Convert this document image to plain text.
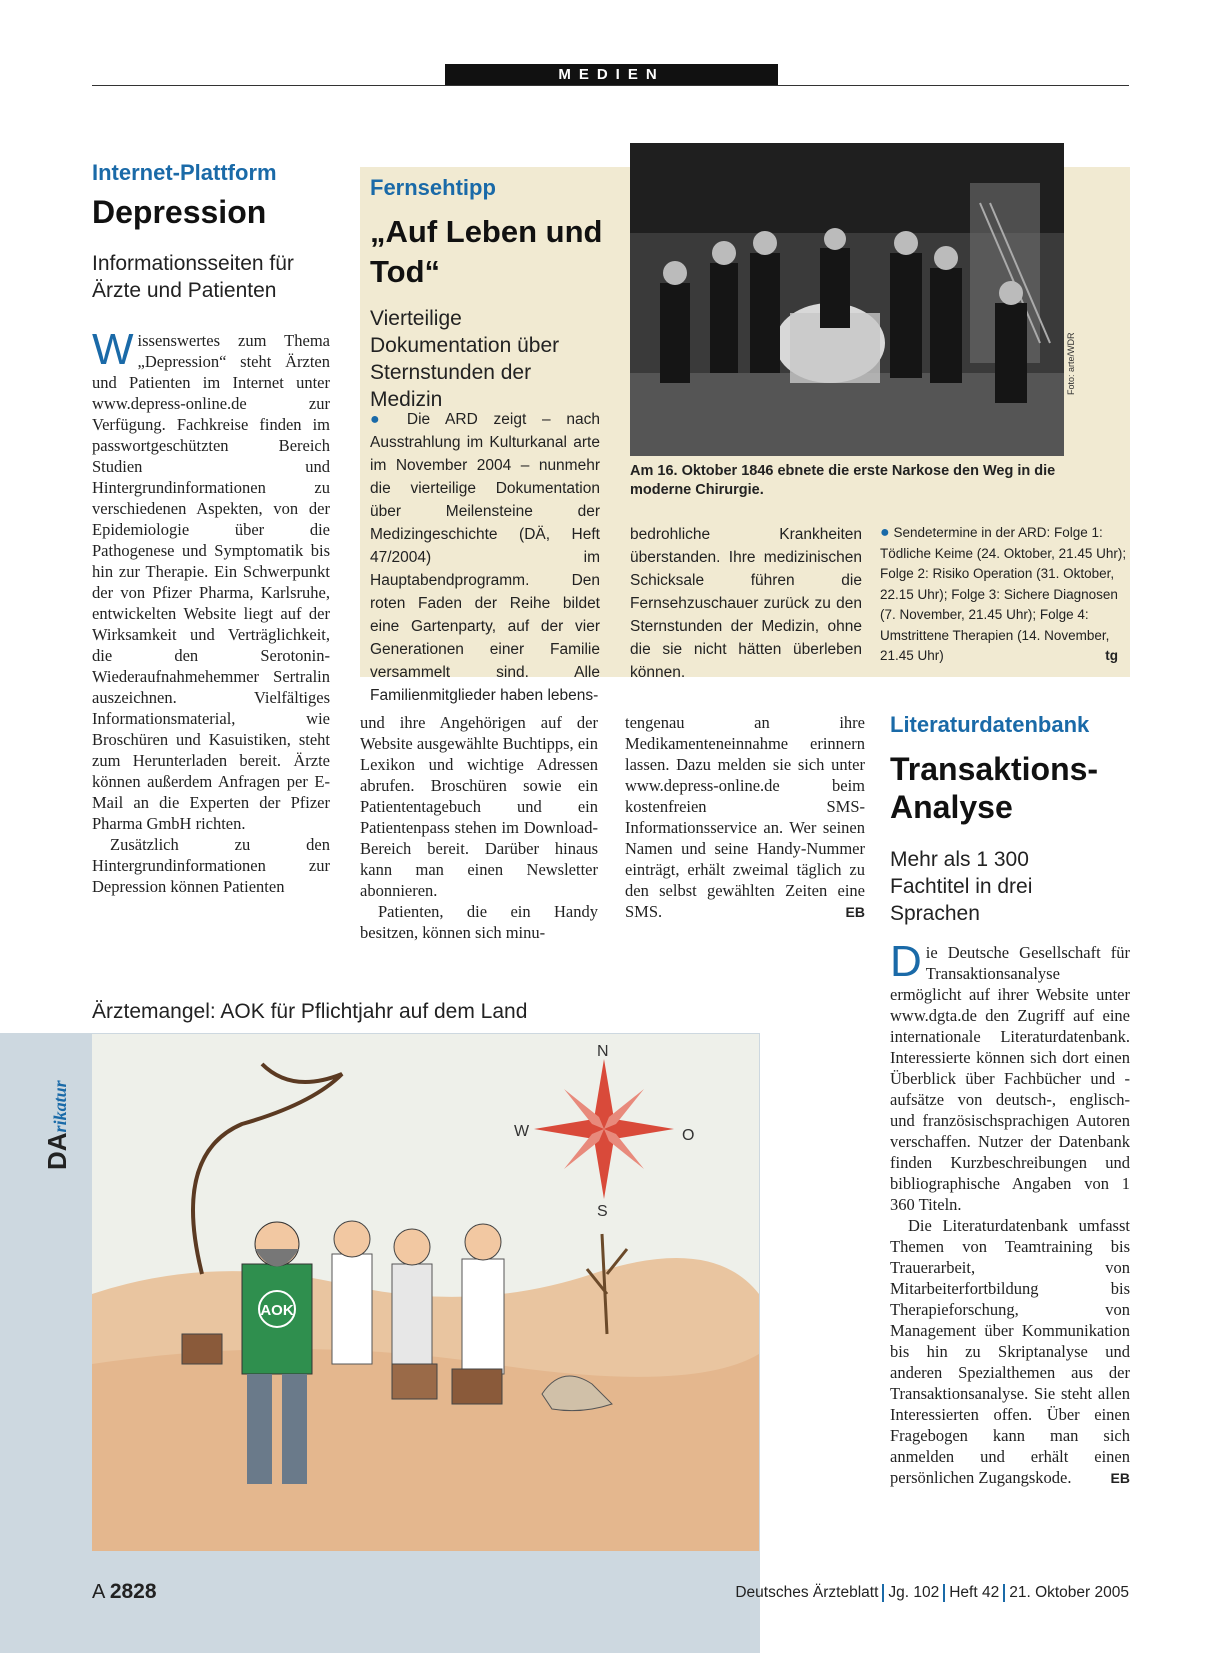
MEDIEN
Internet-Plattform
Depression
Informationsseiten für Ärzte und Patienten

Wissenswertes zum Thema „Depression“ steht Ärzten und Patienten im Internet unter www.depress-online.de zur Verfügung. Fachkreise finden im passwortgeschützten Bereich Studien und Hintergrundinformationen zu verschiedenen Aspekten, von der Epidemiologie über die Pathogenese und Symptomatik bis hin zur Therapie. Ein Schwerpunkt der von Pfizer Pharma, Karlsruhe, entwickelten Website liegt auf der Wirksamkeit und Verträglichkeit, die den Serotonin-Wiederaufnahmehemmer Sertralin auszeichnen. Vielfältiges Informationsmaterial, wie Broschüren und Kasuistiken, steht zum Herunterladen bereit. Ärzte können außerdem Anfragen per E-Mail an die Experten der Pfizer Pharma GmbH richten.

Zusätzlich zu den Hintergrundinformationen zur Depression können Patienten

Fernsehtipp
„Auf Leben und Tod“
Vierteilige Dokumentation über Sternstunden der Medizin
● Die ARD zeigt – nach Ausstrahlung im Kulturkanal arte im November 2004 – nunmehr die vierteilige Dokumentation über Meilensteine der Medizingeschichte (DÄ, Heft 47/2004) im Hauptabendprogramm. Den roten Faden der Reihe bildet eine Gartenparty, auf der vier Generationen einer Familie versammelt sind. Alle Familienmitglieder haben lebens-
Foto: arte/WDR
Am 16. Oktober 1846 ebnete die erste Narkose den Weg in die moderne Chirurgie.
bedrohliche Krankheiten überstanden. Ihre medizinischen Schicksale führen die Fernsehzuschauer zurück zu den Sternstunden der Medizin, ohne die sie nicht hätten überleben können.
● Sendetermine in der ARD: Folge 1: Tödliche Keime (24. Oktober, 21.45 Uhr); Folge 2: Risiko Operation (31. Oktober, 22.15 Uhr); Folge 3: Sichere Diagnosen (7. November, 21.45 Uhr); Folge 4: Umstrittene Therapien (14. November, 21.45 Uhr)	tg

und ihre Angehörigen auf der Website ausgewählte Buchtipps, ein Lexikon und wichtige Adressen abrufen. Broschüren sowie ein Patiententagebuch und ein Patientenpass stehen im Download-Bereich bereit. Darüber hinaus kann man einen Newsletter abonnieren.

Patienten, die ein Handy besitzen, können sich minu-

tengenau an ihre Medikamenteneinnahme erinnern lassen. Dazu melden sie sich unter www.depress-online.de beim kostenfreien SMS-Informationsservice an. Wer seinen Namen und seine Handy-Nummer einträgt, erhält zweimal täglich zu den selbst gewählten Zeiten eine SMS.	EB
Literaturdatenbank
Transaktions-Analyse
Mehr als 1 300 Fachtitel in drei Sprachen

Die Deutsche Gesellschaft für Transaktionsanalyse ermöglicht auf ihrer Website unter www.dgta.de den Zugriff auf eine internationale Literaturdatenbank. Interessierte können sich dort einen Überblick über Fachbücher und -aufsätze von deutsch-, englisch- und französischsprachigen Autoren verschaffen. Nutzer der Datenbank finden Kurzbeschreibungen und bibliographische Angaben von 1 360 Titeln.

Die Literaturdatenbank umfasst Themen von Teamtraining bis Trauerarbeit, von Mitarbeiterfortbildung bis Therapieforschung, von Management über Kommunikation bis hin zu Skriptanalyse und anderen Spezialthemen aus der Transaktionsanalyse. Sie steht allen Interessierten offen. Über einen Fragebogen kann man sich anmelden und erhält einen persönlichen Zugangskode.	EB
Ärztemangel: AOK für Pflichtjahr auf dem Land
DArikatur
N
S
W	O
AOK
A 2828	Deutsches Ärzteblatt Jg. 102 Heft 42 21. Oktober 2005
